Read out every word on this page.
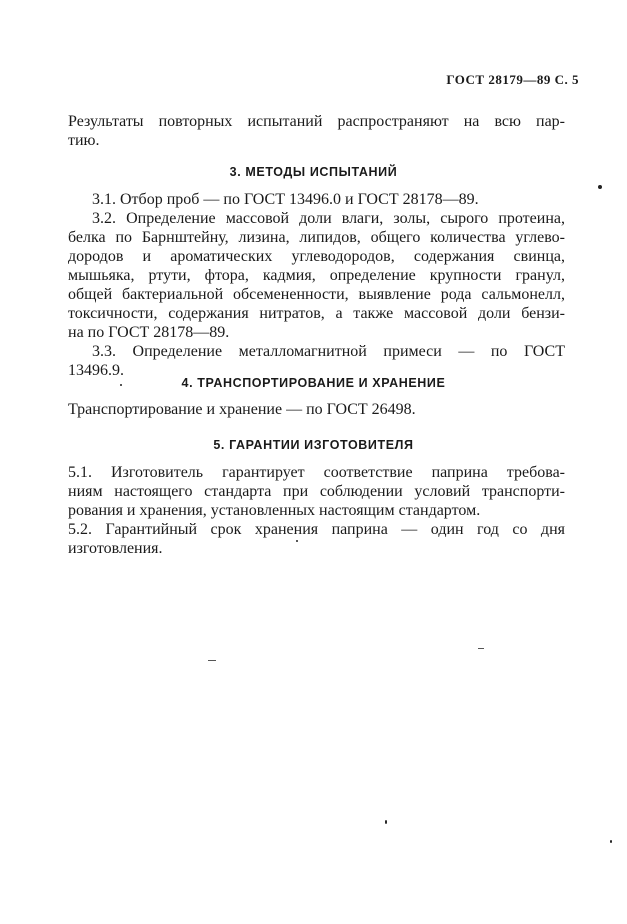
ГОСТ 28179—89 С. 5
Результаты повторных испытаний распространяют на всю пар-
тию.
3. МЕТОДЫ ИСПЫТАНИЙ
3.1. Отбор проб — по ГОСТ 13496.0 и ГОСТ 28178—89.
3.2. Определение массовой доли влаги, золы, сырого протеина,
белка по Барнштейну, лизина, липидов, общего количества углево-
дородов и ароматических углеводородов, содержания свинца,
мышьяка, ртути, фтора, кадмия, определение крупности гранул,
общей бактериальной обсемененности, выявление рода сальмонелл,
токсичности, содержания нитратов, а также массовой доли бензи-
на по ГОСТ 28178—89.
3.3. Определение металломагнитной примеси — по ГОСТ
13496.9.
4. ТРАНСПОРТИРОВАНИЕ И ХРАНЕНИЕ
Транспортирование и хранение — по ГОСТ 26498.
5. ГАРАНТИИ ИЗГОТОВИТЕЛЯ
5.1. Изготовитель гарантирует соответствие паприна требова-
ниям настоящего стандарта при соблюдении условий транспорти-
рования и хранения, установленных настоящим стандартом.
5.2. Гарантийный срок хранения паприна — один год со дня
изготовления.
